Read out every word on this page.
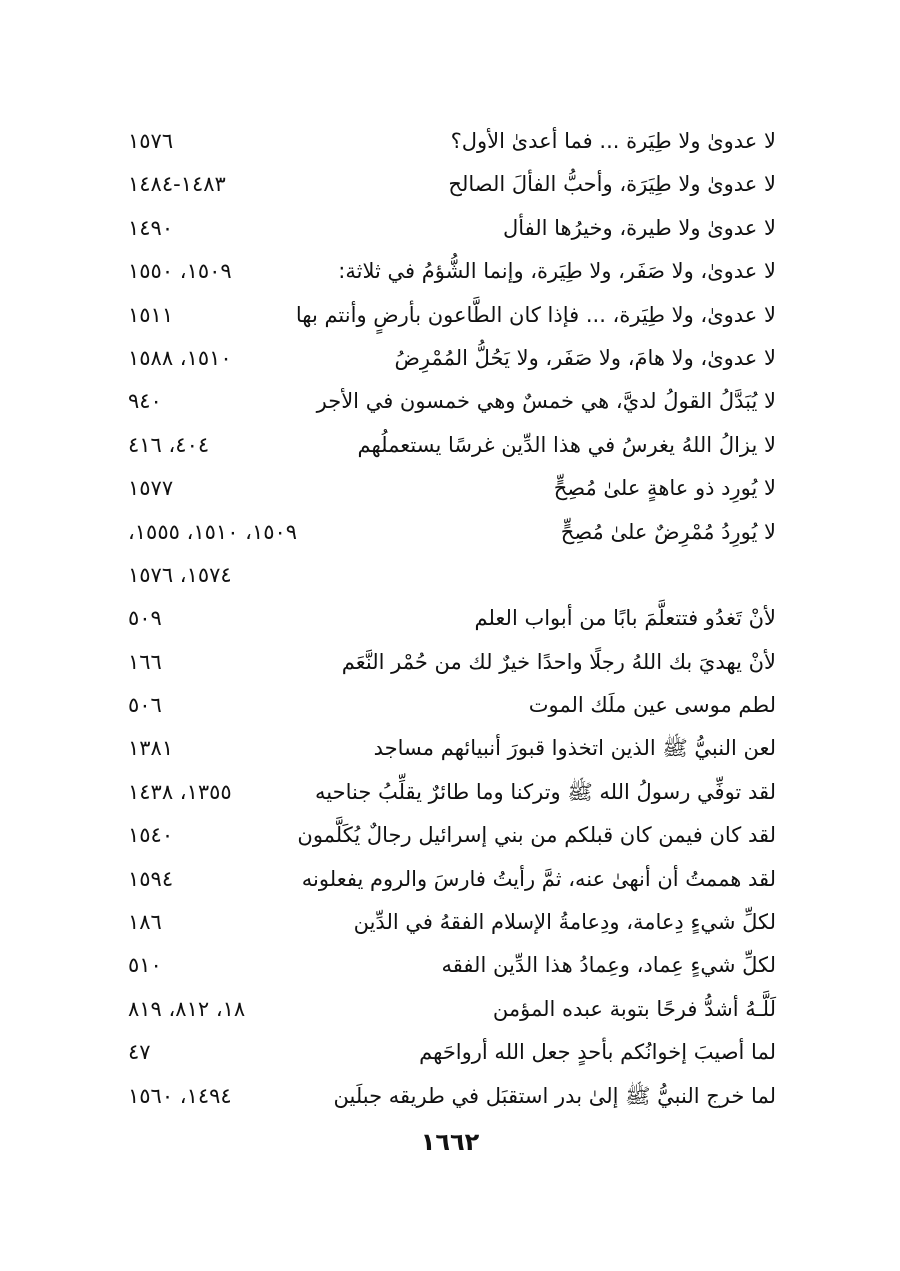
لا عدوىٰ ولا طِيَرة ... فما أعدىٰ الأول؟
١٥٧٦
لا عدوىٰ ولا طِيَرَة، وأحبُّ الفألَ الصالح
١٤٨٣-١٤٨٤
لا عدوىٰ ولا طيرة، وخيرُها الفأل
١٤٩٠
لا عدوىٰ، ولا صَفَر، ولا طِيَرة، وإنما الشُّؤمُ في ثلاثة:
١٥٠٩، ١٥٥٠
لا عدوىٰ، ولا طِيَرة، ... فإذا كان الطَّاعون بأرضٍ وأنتم بها
١٥١١
لا عدوىٰ، ولا هامَ، ولا صَفَر، ولا يَحُلُّ المُمْرِضُ
١٥١٠، ١٥٨٨
لا يُبَدَّلُ القولُ لديَّ، هي خمسٌ وهي خمسون في الأجر
٩٤٠
لا يزالُ اللهُ يغرسُ في هذا الدِّين غرسًا يستعملُهم
٤٠٤، ٤١٦
لا يُورِد ذو عاهةٍ علىٰ مُصِحٍّ
١٥٧٧
لا يُورِدُ مُمْرِضٌ علىٰ مُصِحٍّ
١٥٠٩، ١٥١٠، ١٥٥٥،
١٥٧٤، ١٥٧٦
لأنْ تَغدُو فتتعلَّمَ بابًا من أبواب العلم
٥٠٩
لأنْ يهديَ بك اللهُ رجلًا واحدًا خيرٌ لك من حُمْر النَّعَم
١٦٦
لطم موسى عين ملَك الموت
٥٠٦
لعن النبيُّ ﷺ الذين اتخذوا قبورَ أنبيائهم مساجد
١٣٨١
لقد توفِّي رسولُ الله ﷺ وتركنا وما طائرٌ يقلِّبُ جناحيه
١٣٥٥، ١٤٣٨
لقد كان فيمن كان قبلكم من بني إسرائيل رجالٌ يُكَلَّمون
١٥٤٠
لقد هممتُ أن أنهىٰ عنه، ثمَّ رأيتُ فارسَ والروم يفعلونه
١٥٩٤
لكلِّ شيءٍ دِعامة، ودِعامةُ الإسلام الفقهُ في الدِّين
١٨٦
لكلِّ شيءٍ عِماد، وعِمادُ هذا الدِّين الفقه
٥١٠
لَلَّـهُ أشدُّ فرحًا بتوبة عبده المؤمن
١٨، ٨١٢، ٨١٩
لما أصيبَ إخوانُكم بأحدٍ جعل الله أرواحَهم
٤٧
لما خرج النبيُّ ﷺ إلىٰ بدر استقبَل في طريقه جبلَين
١٤٩٤، ١٥٦٠
١٦٦٢
